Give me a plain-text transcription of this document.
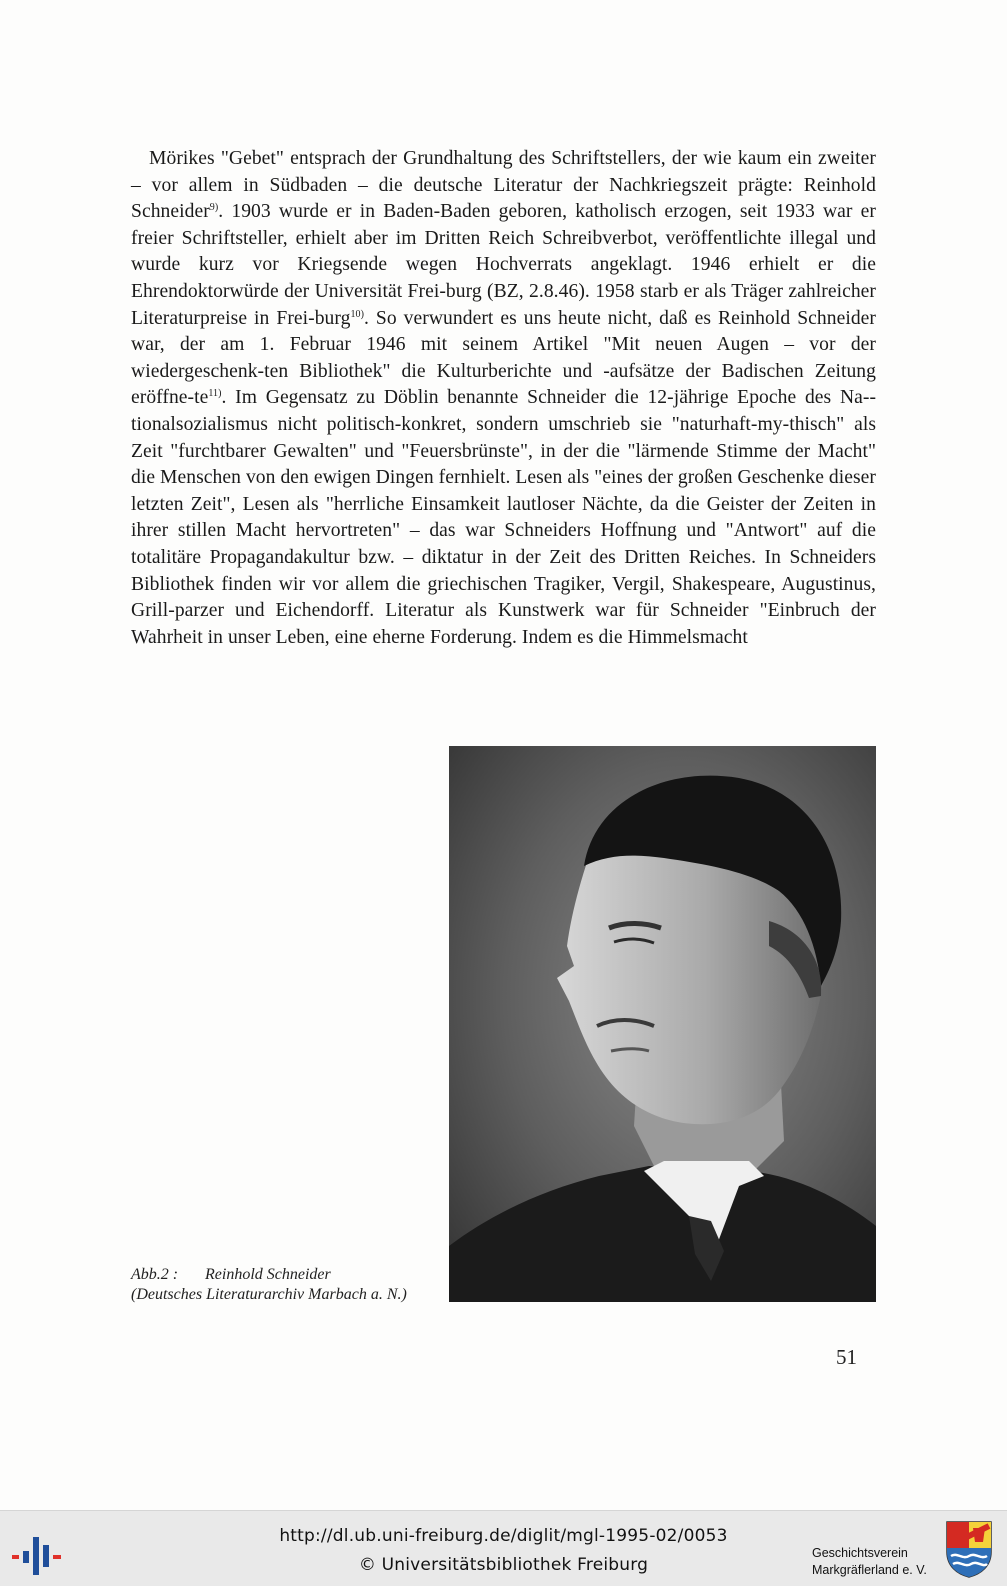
Mörikes "Gebet" entsprach der Grundhaltung des Schriftstellers, der wie kaum ein zweiter – vor allem in Südbaden – die deutsche Literatur der Nachkriegszeit prägte: Reinhold Schneider$^{9)}$. 1903 wurde er in Baden-Baden geboren, katholisch erzogen, seit 1933 war er freier Schriftsteller, erhielt aber im Dritten Reich Schreibverbot, veröffentlichte illegal und wurde kurz vor Kriegsende wegen Hochverrats angeklagt. 1946 erhielt er die Ehrendoktorwürde der Universität Frei-burg (BZ, 2.8.46). 1958 starb er als Träger zahlreicher Literaturpreise in Frei-burg$^{10)}$. So verwundert es uns heute nicht, daß es Reinhold Schneider war, der am 1. Februar 1946 mit seinem Artikel "Mit neuen Augen – vor der wiedergeschenk-ten Bibliothek" die Kulturberichte und -aufsätze der Badischen Zeitung eröffne-$te^{11)}$. Im Gegensatz zu Döblin benannte Schneider die 12-jährige Epoche des Na-tionalsozialismus nicht politisch-konkret, sondern umschrieb sie "naturhaft-my-thisch" als Zeit "furchtbarer Gewalten" und "Feuersbrünste", in der die "lärmende Stimme der Macht" die Menschen von den ewigen Dingen fernhielt. Lesen als "eines der großen Geschenke dieser letzten Zeit", Lesen als "herrliche Einsamkeit lautloser Nächte, da die Geister der Zeiten in ihrer stillen Macht hervortreten" – das war Schneiders Hoffnung und "Antwort" auf die totalitäre Propagandakultur bzw. – diktatur in der Zeit des Dritten Reiches. In Schneiders Bibliothek finden wir vor allem die griechischen Tragiker, Vergil, Shakespeare, Augustinus, Grill-parzer und Eichendorff. Literatur als Kunstwerk war für Schneider "Einbruch der Wahrheit in unser Leben, eine eherne Forderung. Indem es die Himmelsmacht

Abb.2 : Reinhold Schneider
(Deutsches Literaturarchiv Marbach a. N.)
51
http://dl.ub.uni-freiburg.de/diglit/mgl-1995-02/0053
© Universitätsbibliothek Freiburg
Geschichtsverein
Markgräflerland e. V.
